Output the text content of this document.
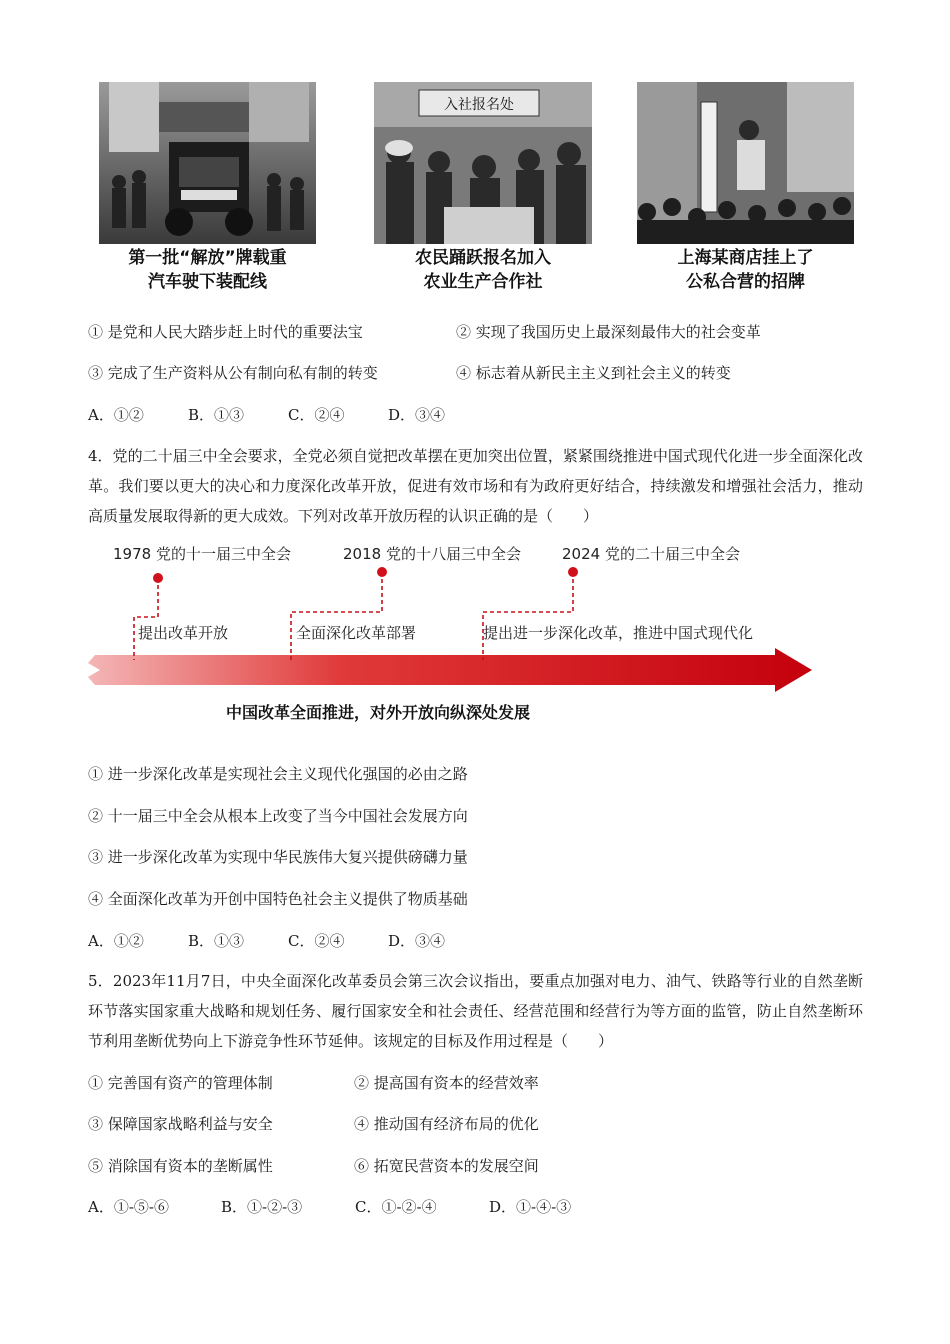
第一批“解放”牌载重
汽车驶下装配线
入社报名处
农民踊跃报名加入
农业生产合作社
上海某商店挂上了
公私合营的招牌
① 是党和人民大踏步赶上时代的重要法宝	② 实现了我国历史上最深刻最伟大的社会变革
③ 完成了生产资料从公有制向私有制的转变	④ 标志着从新民主主义到社会主义的转变
A．①②	B．①③	C．②④	D．③④
4．党的二十届三中全会要求，全党必须自觉把改革摆在更加突出位置，紧紧围绕推进中国式现代化进一步全面深化改革。我们要以更大的决心和力度深化改革开放，促进有效市场和有为政府更好结合，持续激发和增强社会活力，推动高质量发展取得新的更大成效。下列对改革开放历程的认识正确的是（　　）
1978 党的十一届三中全会	2018 党的十八届三中全会	2024 党的二十届三中全会
提出改革开放	全面深化改革部署	提出进一步深化改革，推进中国式现代化
中国改革全面推进，对外开放向纵深处发展
① 进一步深化改革是实现社会主义现代化强国的必由之路
② 十一届三中全会从根本上改变了当今中国社会发展方向
③ 进一步深化改革为实现中华民族伟大复兴提供磅礴力量
④ 全面深化改革为开创中国特色社会主义提供了物质基础
A．①②	B．①③	C．②④	D．③④
5．2023年11月7日，中央全面深化改革委员会第三次会议指出，要重点加强对电力、油气、铁路等行业的自然垄断环节落实国家重大战略和规划任务、履行国家安全和社会责任、经营范围和经营行为等方面的监管，防止自然垄断环节利用垄断优势向上下游竞争性环节延伸。该规定的目标及作用过程是（　　）
① 完善国有资产的管理体制	② 提高国有资本的经营效率
③ 保障国家战略利益与安全	④ 推动国有经济布局的优化
⑤ 消除国有资本的垄断属性	⑥ 拓宽民营资本的发展空间
A．①-⑤-⑥	B．①-②-③	C．①-②-④	D．①-④-③
